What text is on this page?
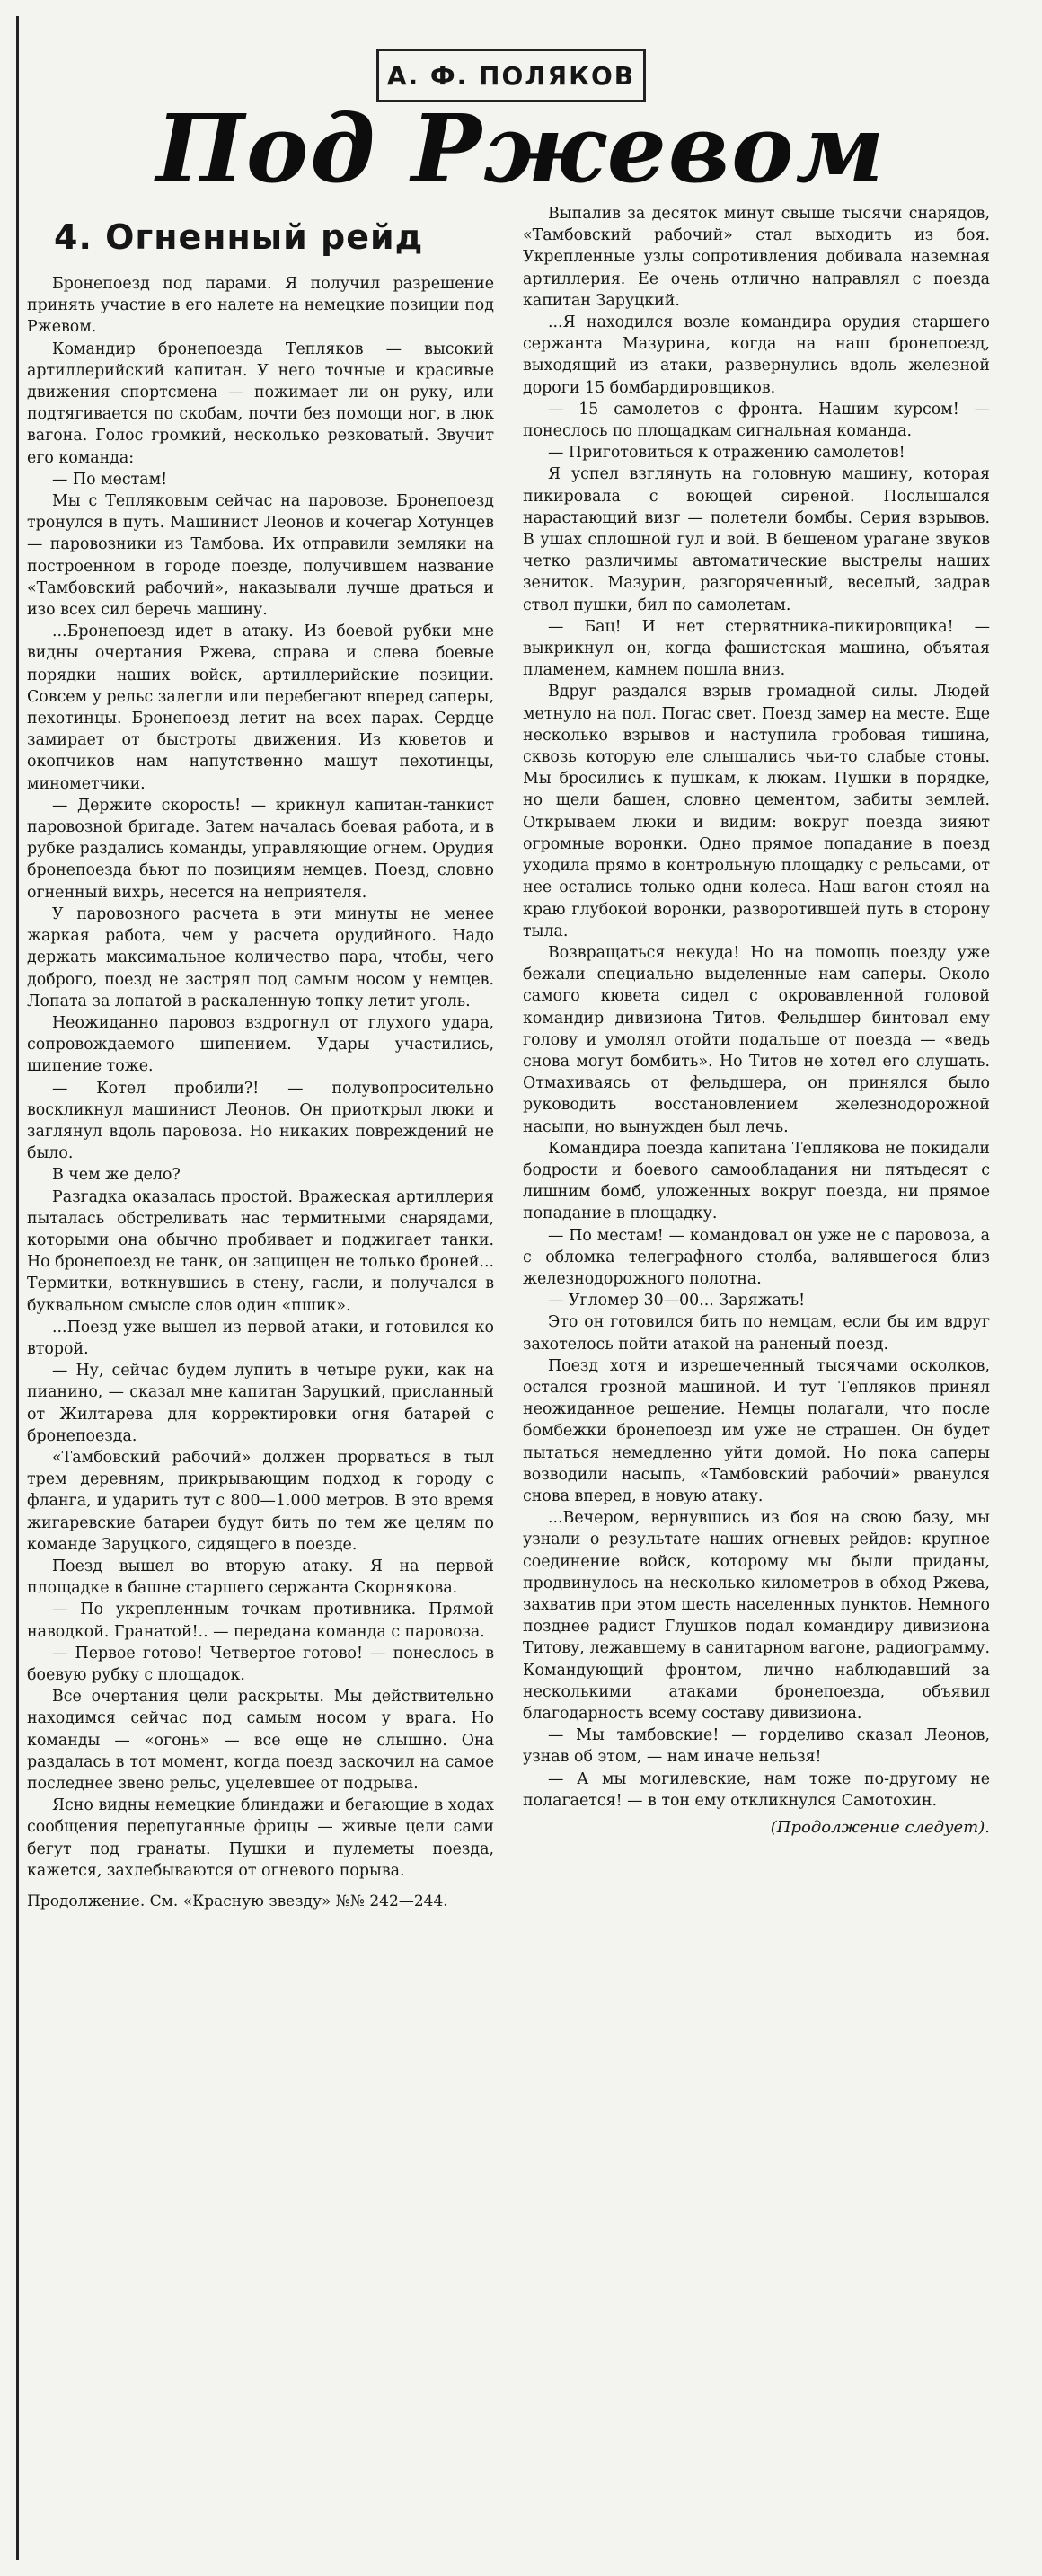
А. Ф. ПОЛЯКОВ
Под Ржевом
4. Огненный рейд

Бронепоезд под парами. Я получил разрешение принять участие в его налете на немецкие позиции под Ржевом.

Командир бронепоезда Тепляков — высокий артиллерийский капитан. У него точные и красивые движения спортсмена — пожимает ли он руку, или подтягивается по скобам, почти без помощи ног, в люк вагона. Голос громкий, несколько резковатый. Звучит его команда:

— По местам!

Мы с Тепляковым сейчас на паровозе. Бронепоезд тронулся в путь. Машинист Леонов и кочегар Хотунцев — паровозники из Тамбова. Их отправили земляки на построенном в городе поезде, получившем название «Тамбовский рабочий», наказывали лучше драться и изо всех сил беречь машину.

...Бронепоезд идет в атаку. Из боевой рубки мне видны очертания Ржева, справа и слева боевые порядки наших войск, артиллерийские позиции. Совсем у рельс залегли или перебегают вперед саперы, пехотинцы. Бронепоезд летит на всех парах. Сердце замирает от быстроты движения. Из кюветов и окопчиков нам напутственно машут пехотинцы, минометчики.

— Держите скорость! — крикнул капитан-танкист паровозной бригаде. Затем началась боевая работа, и в рубке раздались команды, управляющие огнем. Орудия бронепоезда бьют по позициям немцев. Поезд, словно огненный вихрь, несется на неприятеля.

У паровозного расчета в эти минуты не менее жаркая работа, чем у расчета орудийного. Надо держать максимальное количество пара, чтобы, чего доброго, поезд не застрял под самым носом у немцев. Лопата за лопатой в раскаленную топку летит уголь.

Неожиданно паровоз вздрогнул от глухого удара, сопровождаемого шипением. Удары участились, шипение тоже.

— Котел пробили?! — полувопросительно воскликнул машинист Леонов. Он приоткрыл люки и заглянул вдоль паровоза. Но никаких повреждений не было.

В чем же дело?

Разгадка оказалась простой. Вражеская артиллерия пыталась обстреливать нас термитными снарядами, которыми она обычно пробивает и поджигает танки. Но бронепоезд не танк, он защищен не только броней... Термитки, воткнувшись в стену, гасли, и получался в буквальном смысле слов один «пшик».

...Поезд уже вышел из первой атаки, и готовился ко второй.

— Ну, сейчас будем лупить в четыре руки, как на пианино, — сказал мне капитан Заруцкий, присланный от Жилтарева для корректировки огня батарей с бронепоезда.

«Тамбовский рабочий» должен прорваться в тыл трем деревням, прикрывающим подход к городу с фланга, и ударить тут с 800—1.000 метров. В это время жигаревские батареи будут бить по тем же целям по команде Заруцкого, сидящего в поезде.

Поезд вышел во вторую атаку. Я на первой площадке в башне старшего сержанта Скорнякова.

— По укрепленным точкам противника. Прямой наводкой. Гранатой!.. — передана команда с паровоза.

— Первое готово! Четвертое готово! — понеслось в боевую рубку с площадок.

Все очертания цели раскрыты. Мы действительно находимся сейчас под самым носом у врага. Но команды — «огонь» — все еще не слышно. Она раздалась в тот момент, когда поезд заскочил на самое последнее звено рельс, уцелевшее от подрыва.

Ясно видны немецкие блиндажи и бегающие в ходах сообщения перепуганные фрицы — живые цели сами бегут под гранаты. Пушки и пулеметы поезда, кажется, захлебываются от огневого порыва.

Продолжение. См. «Красную звезду» №№ 242—244.

Выпалив за десяток минут свыше тысячи снарядов, «Тамбовский рабочий» стал выходить из боя. Укрепленные узлы сопротивления добивала наземная артиллерия. Ее очень отлично направлял с поезда капитан Заруцкий.

...Я находился возле командира орудия старшего сержанта Мазурина, когда на наш бронепоезд, выходящий из атаки, развернулись вдоль железной дороги 15 бомбардировщиков.

— 15 самолетов с фронта. Нашим курсом! — понеслось по площадкам сигнальная команда.

— Приготовиться к отражению самолетов!

Я успел взглянуть на головную машину, которая пикировала с воющей сиреной. Послышался нарастающий визг — полетели бомбы. Серия взрывов. В ушах сплошной гул и вой. В бешеном урагане звуков четко различимы автоматические выстрелы наших зениток. Мазурин, разгоряченный, веселый, задрав ствол пушки, бил по самолетам.

— Бац! И нет стервятника-пикировщика! — выкрикнул он, когда фашистская машина, объятая пламенем, камнем пошла вниз.

Вдруг раздался взрыв громадной силы. Людей метнуло на пол. Погас свет. Поезд замер на месте. Еще несколько взрывов и наступила гробовая тишина, сквозь которую еле слышались чьи-то слабые стоны. Мы бросились к пушкам, к люкам. Пушки в порядке, но щели башен, словно цементом, забиты землей. Открываем люки и видим: вокруг поезда зияют огромные воронки. Одно прямое попадание в поезд уходила прямо в контрольную площадку с рельсами, от нее остались только одни колеса. Наш вагон стоял на краю глубокой воронки, разворотившей путь в сторону тыла.

Возвращаться некуда! Но на помощь поезду уже бежали специально выделенные нам саперы. Около самого кювета сидел с окровавленной головой командир дивизиона Титов. Фельдшер бинтовал ему голову и умолял отойти подальше от поезда — «ведь снова могут бомбить». Но Титов не хотел его слушать. Отмахиваясь от фельдшера, он принялся было руководить восстановлением железнодорожной насыпи, но вынужден был лечь.

Командира поезда капитана Теплякова не покидали бодрости и боевого самообладания ни пятьдесят с лишним бомб, уложенных вокруг поезда, ни прямое попадание в площадку.

— По местам! — командовал он уже не с паровоза, а с обломка телеграфного столба, валявшегося близ железнодорожного полотна.

— Угломер 30—00... Заряжать!

Это он готовился бить по немцам, если бы им вдруг захотелось пойти атакой на раненый поезд.

Поезд хотя и изрешеченный тысячами осколков, остался грозной машиной. И тут Тепляков принял неожиданное решение. Немцы полагали, что после бомбежки бронепоезд им уже не страшен. Он будет пытаться немедленно уйти домой. Но пока саперы возводили насыпь, «Тамбовский рабочий» рванулся снова вперед, в новую атаку.

...Вечером, вернувшись из боя на свою базу, мы узнали о результате наших огневых рейдов: крупное соединение войск, которому мы были приданы, продвинулось на несколько километров в обход Ржева, захватив при этом шесть населенных пунктов. Немного позднее радист Глушков подал командиру дивизиона Титову, лежавшему в санитарном вагоне, радиограмму. Командующий фронтом, лично наблюдавший за несколькими атаками бронепоезда, объявил благодарность всему составу дивизиона.

— Мы тамбовские! — горделиво сказал Леонов, узнав об этом, — нам иначе нельзя!

— А мы могилевские, нам тоже по-другому не полагается! — в тон ему откликнулся Самотохин.

(Продолжение следует).
